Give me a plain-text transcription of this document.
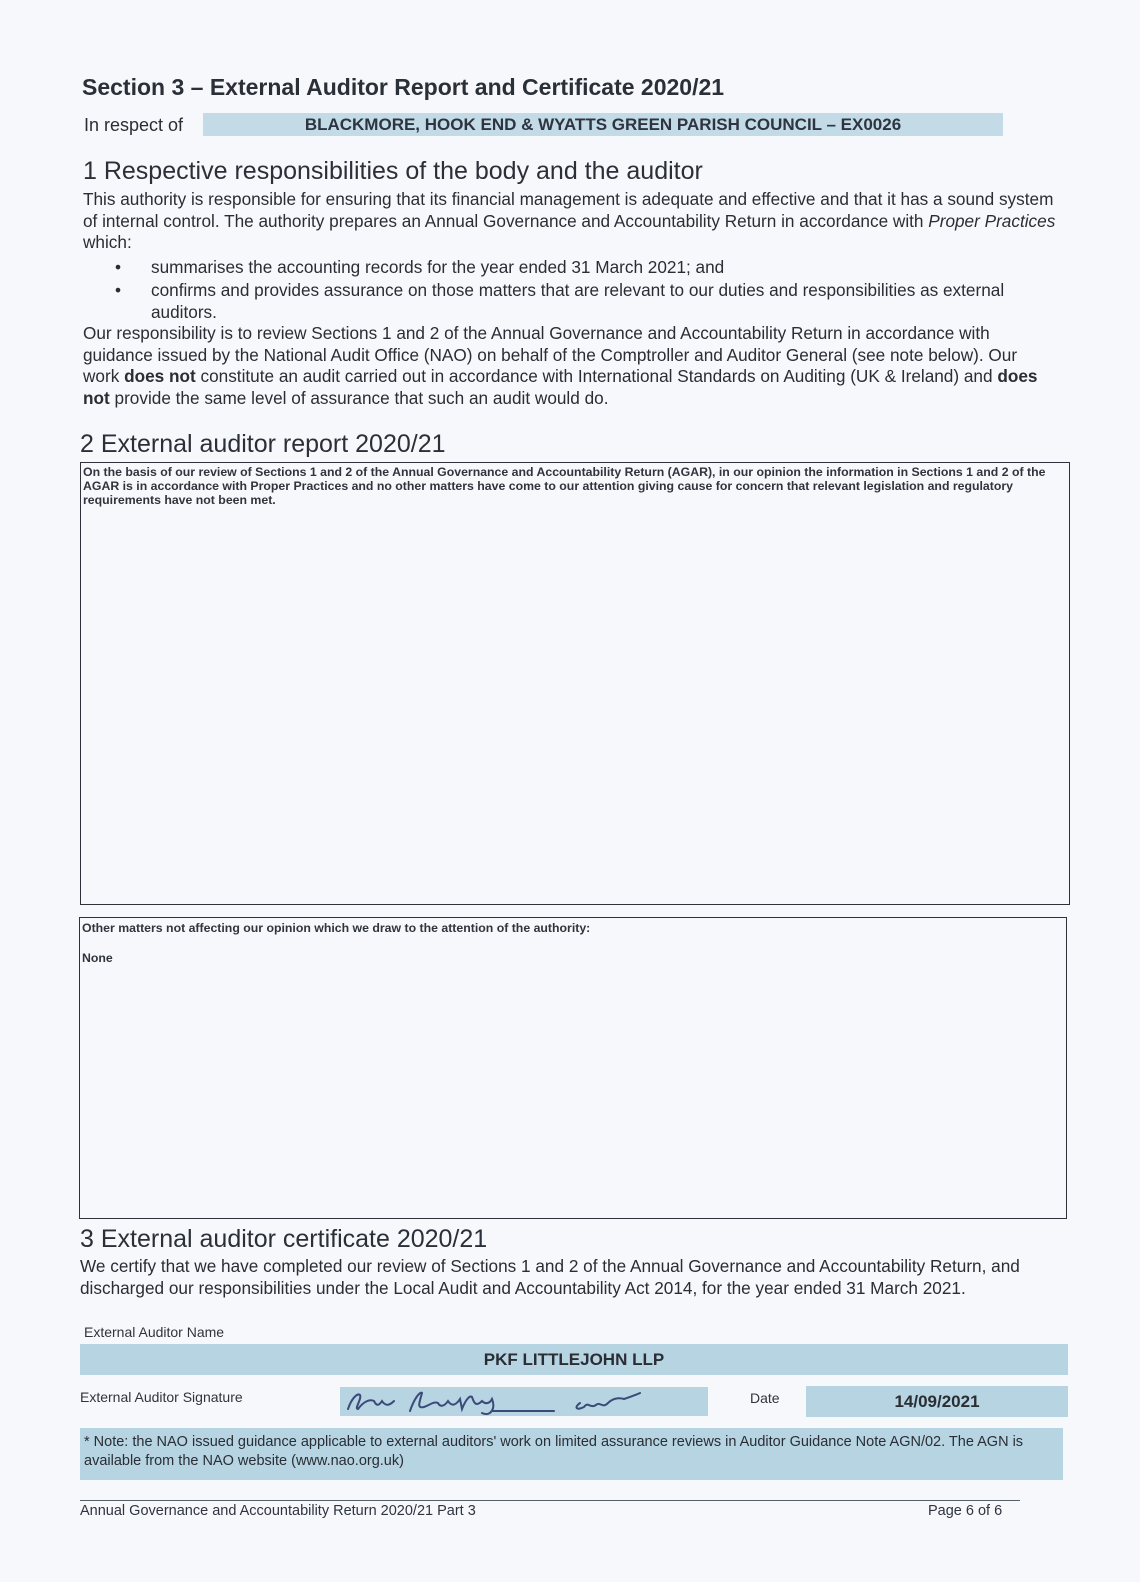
Section 3 – External Auditor Report and Certificate 2020/21
In respect of	BLACKMORE, HOOK END & WYATTS GREEN PARISH COUNCIL – EX0026
1 Respective responsibilities of the body and the auditor
This authority is responsible for ensuring that its financial management is adequate and effective and that it has a sound system of internal control. The authority prepares an Annual Governance and Accountability Return in accordance with Proper Practices which:
• summarises the accounting records for the year ended 31 March 2021; and
• confirms and provides assurance on those matters that are relevant to our duties and responsibilities as external auditors.
Our responsibility is to review Sections 1 and 2 of the Annual Governance and Accountability Return in accordance with guidance issued by the National Audit Office (NAO) on behalf of the Comptroller and Auditor General (see note below). Our work does not constitute an audit carried out in accordance with International Standards on Auditing (UK & Ireland) and does not provide the same level of assurance that such an audit would do.
2 External auditor report 2020/21
On the basis of our review of Sections 1 and 2 of the Annual Governance and Accountability Return (AGAR), in our opinion the information in Sections 1 and 2 of the AGAR is in accordance with Proper Practices and no other matters have come to our attention giving cause for concern that relevant legislation and regulatory requirements have not been met.
Other matters not affecting our opinion which we draw to the attention of the authority:
None
3 External auditor certificate 2020/21
We certify that we have completed our review of Sections 1 and 2 of the Annual Governance and Accountability Return, and discharged our responsibilities under the Local Audit and Accountability Act 2014, for the year ended 31 March 2021.
External Auditor Name
PKF LITTLEJOHN LLP
External Auditor Signature	Date	14/09/2021
* Note: the NAO issued guidance applicable to external auditors' work on limited assurance reviews in Auditor Guidance Note AGN/02. The AGN is available from the NAO website (www.nao.org.uk)
Annual Governance and Accountability Return 2020/21 Part 3	Page 6 of 6
